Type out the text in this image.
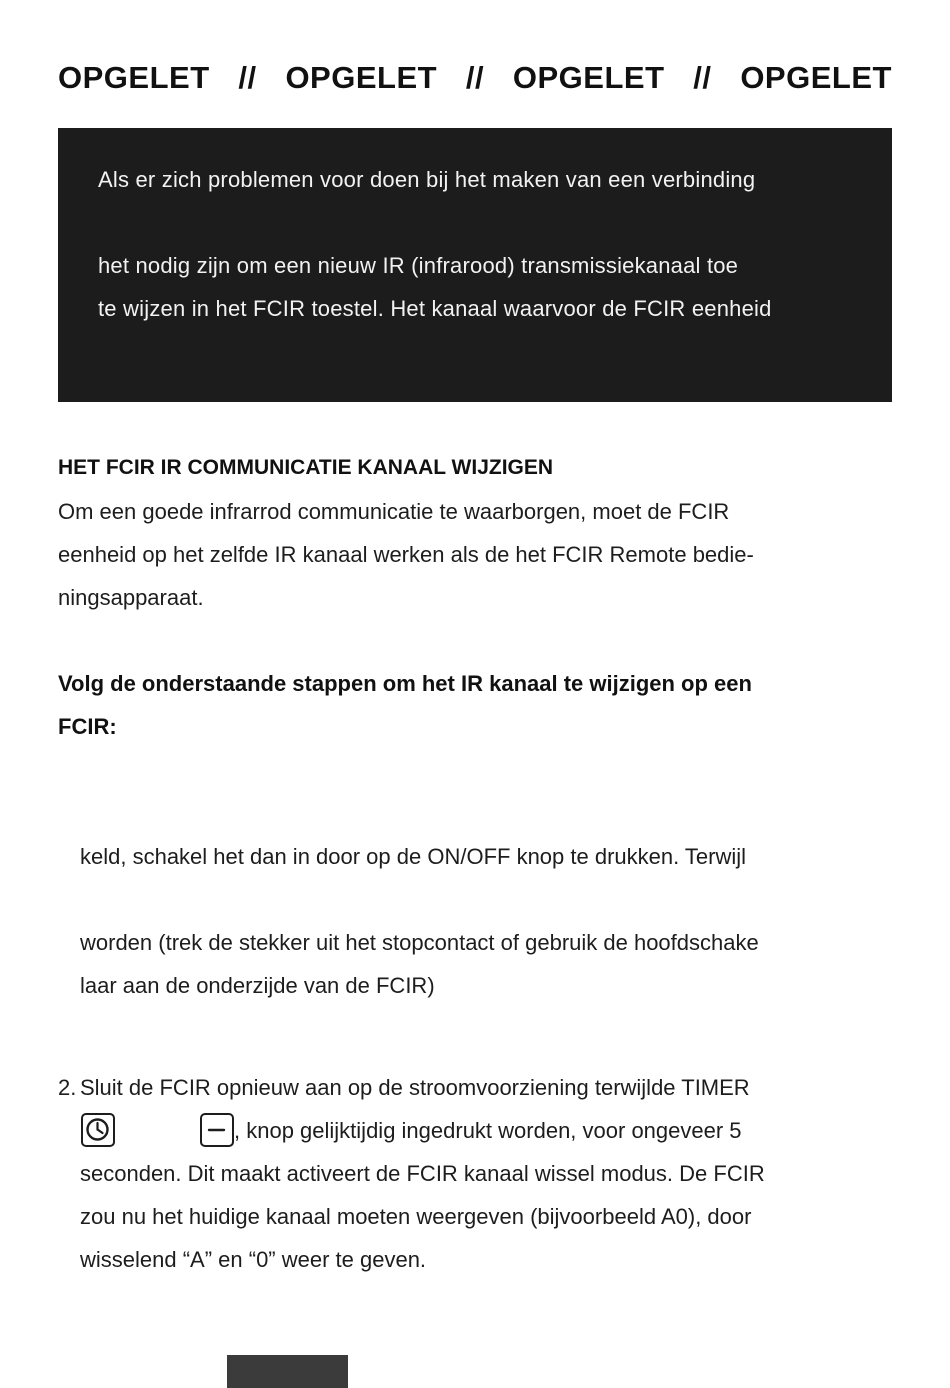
OPGELET // OPGELET // OPGELET // OPGELET
Als er zich problemen voor doen bij het maken van een verbinding
het nodig zijn om een nieuw IR (infrarood) transmissiekanaal toe
te wijzen in het FCIR toestel. Het kanaal waarvoor de FCIR eenheid
HET FCIR IR COMMUNICATIE KANAAL WIJZIGEN
Om een goede infrarrod communicatie te waarborgen, moet de FCIR
eenheid op het zelfde IR kanaal werken als de het FCIR Remote bedie-
ningsapparaat.
Volg de onderstaande stappen om het IR kanaal te wijzigen op een
FCIR:
keld, schakel het dan in door op de ON/OFF knop te drukken. Terwijl
worden (trek de stekker uit het stopcontact of gebruik de hoofdschake
laar aan de onderzijde van de FCIR)
2. Sluit de FCIR opnieuw aan op de stroomvoorziening terwijlde TIMER
, knop gelijktijdig ingedrukt worden, voor ongeveer 5
seconden. Dit maakt activeert de FCIR kanaal wissel modus. De FCIR
zou nu het huidige kanaal moeten weergeven (bijvoorbeeld A0), door
wisselend “A” en “0” weer te geven.
